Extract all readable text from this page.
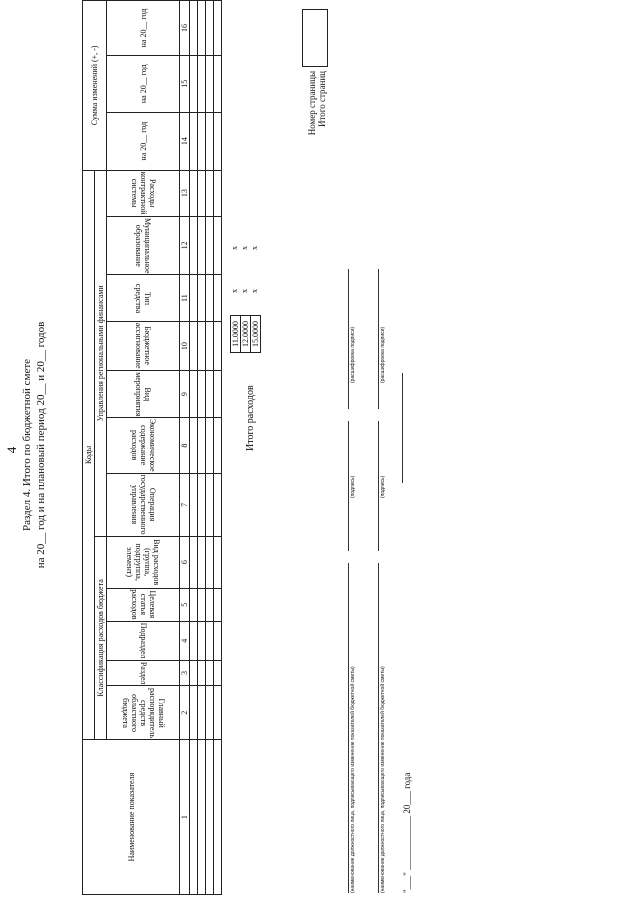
4 Раздел 4. Итого по бюджетной смете на 20__ год и на плановый период 20__ и 20__ годов
Наименование показателя	Коды												Сумма изменений (+, -)		
	Классификация расходов бюджета					Управления региональными финансами									
	Главный распорядитель средств областного бюджета	Раздел	Подраздел	Целевая статья расходов	Вид расходов (группа, подгруппа, элемент)	Операция государственного управления	Экономическое содержание расходов	Вид мероприятия	Бюджетное ассигнование	Тип средства	Муниципальное образование	Расходы контрактной системы	на 20__ год	на 20__ год	на 20__ год
1	2	3	4	5	6	7	8	9	10	11	12	13	14	15	16

Итого расходов
11.0000 12.0000 15.0000
x x x
x x x
Номер страницы Итого страниц
(наименование должностного лица, подписывающего изменение показателей бюджетной сметы)
(подпись)
(расшифровка подписи)
(наименование должностного лица, подписывающего изменение показателей бюджетной сметы)
(подпись)
(расшифровка подписи)
"___" ____________ 20___ года
